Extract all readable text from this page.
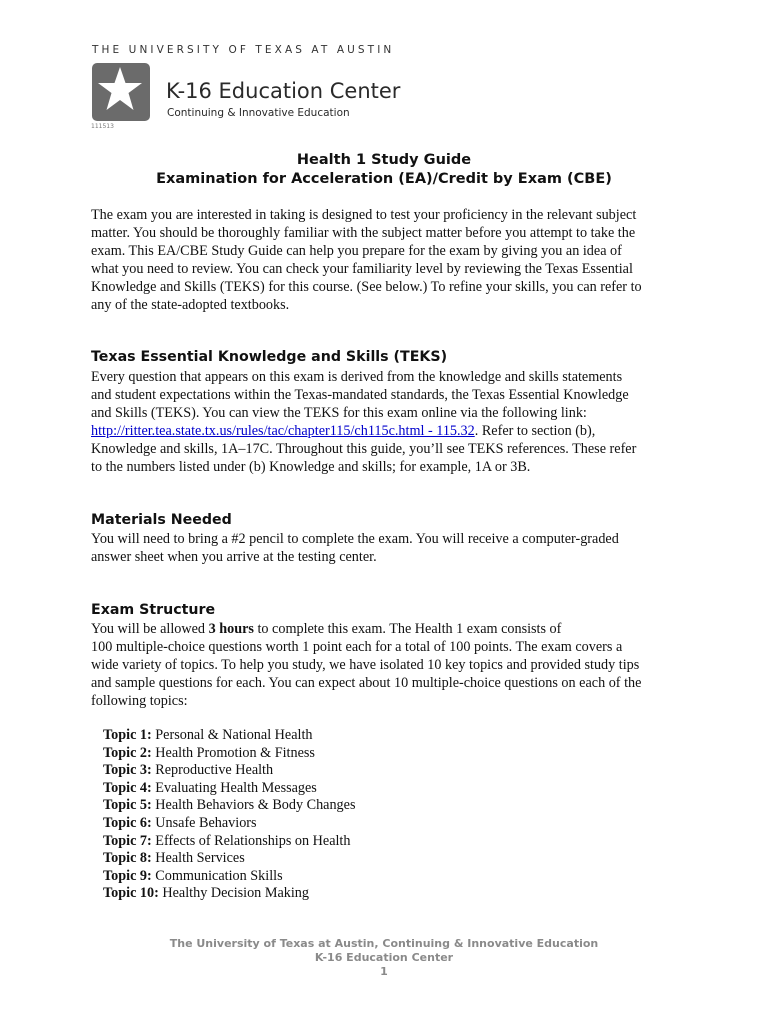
THE UNIVERSITY OF TEXAS AT AUSTIN
111513
K-16 Education Center
Continuing & Innovative Education
Health 1 Study Guide
Examination for Acceleration (EA)/Credit by Exam (CBE)
The exam you are interested in taking is designed to test your proficiency in the relevant subject
matter. You should be thoroughly familiar with the subject matter before you attempt to take the
exam. This EA/CBE Study Guide can help you prepare for the exam by giving you an idea of
what you need to review. You can check your familiarity level by reviewing the Texas Essential
Knowledge and Skills (TEKS) for this course. (See below.) To refine your skills, you can refer to
any of the state-adopted textbooks.
Texas Essential Knowledge and Skills (TEKS)
Every question that appears on this exam is derived from the knowledge and skills statements
and student expectations within the Texas-mandated standards, the Texas Essential Knowledge
and Skills (TEKS). You can view the TEKS for this exam online via the following link:
http://ritter.tea.state.tx.us/rules/tac/chapter115/ch115c.html - 115.32. Refer to section (b),
Knowledge and skills, 1A–17C. Throughout this guide, you’ll see TEKS references. These refer
to the numbers listed under (b) Knowledge and skills; for example, 1A or 3B.
Materials Needed
You will need to bring a #2 pencil to complete the exam. You will receive a computer-graded
answer sheet when you arrive at the testing center.
Exam Structure
You will be allowed 3 hours to complete this exam. The Health 1 exam consists of
100 multiple-choice questions worth 1 point each for a total of 100 points. The exam covers a
wide variety of topics. To help you study, we have isolated 10 key topics and provided study tips
and sample questions for each. You can expect about 10 multiple-choice questions on each of the
following topics:
Topic 1: Personal & National Health
Topic 2: Health Promotion & Fitness
Topic 3: Reproductive Health
Topic 4: Evaluating Health Messages
Topic 5: Health Behaviors & Body Changes
Topic 6: Unsafe Behaviors
Topic 7: Effects of Relationships on Health
Topic 8: Health Services
Topic 9: Communication Skills
Topic 10: Healthy Decision Making
The University of Texas at Austin, Continuing & Innovative Education
K-16 Education Center
1
